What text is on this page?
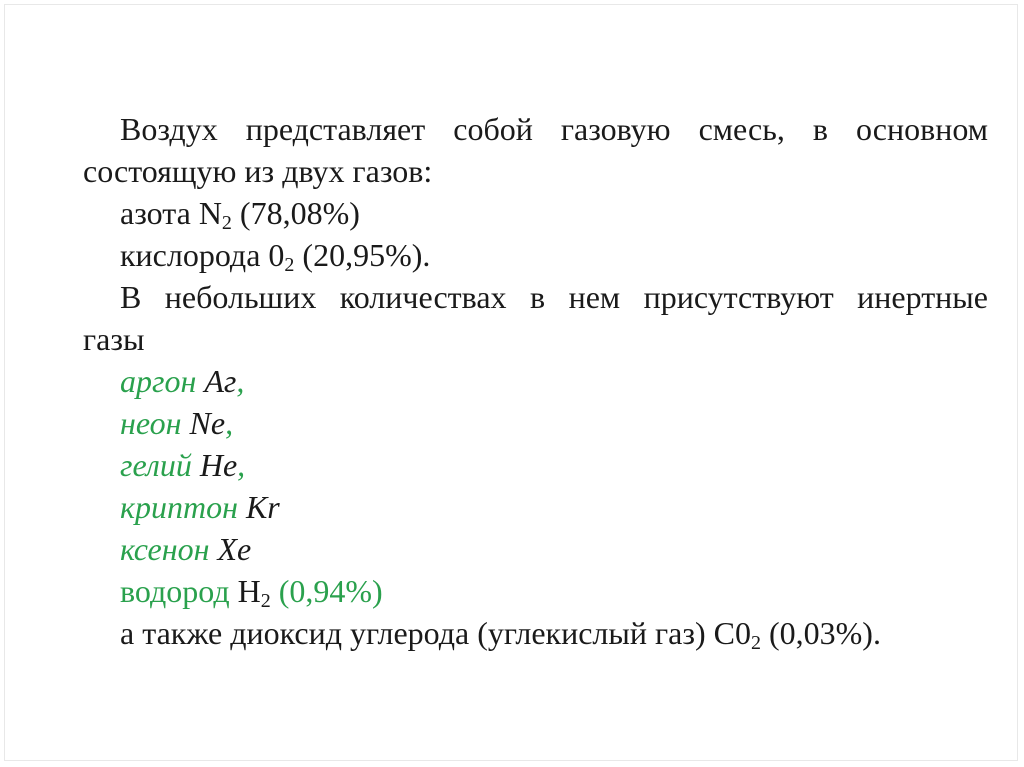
Воздух представляет собой газовую смесь, в основном
состоящую из двух газов:
азота $N_2$ (78,08%)
кислорода $0_2$ (20,95%).
В небольших количествах в нем присутствуют инертные
газы
аргон Аг,
неон Ne,
гелий Не,
криптон Кr
ксенон Хе
водород $Н_2$ (0,94%)
а также диоксид углерода (углекислый газ) $С0_2$ (0,03%).
